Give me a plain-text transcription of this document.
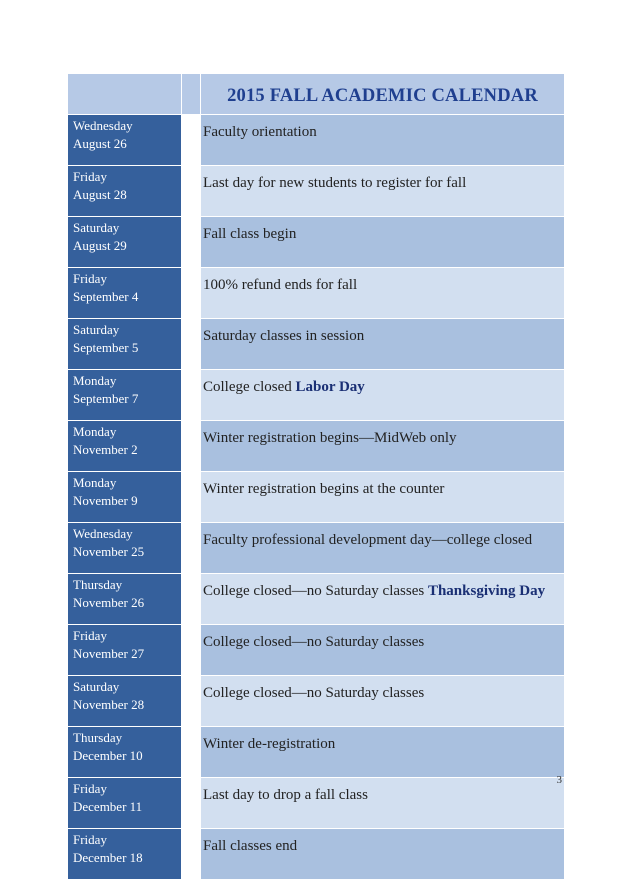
		2015 FALL ACADEMIC CALENDAR

Wednesday
August 26		Faculty orientation

Friday
August 28		Last day for new students to register for fall

Saturday
August 29		Fall class begin

Friday
September 4		100% refund ends for fall

Saturday
September 5		Saturday classes in session

Monday
September 7		College closed Labor Day

Monday
November 2		Winter registration begins—MidWeb only

Monday
November 9		Winter registration begins at the counter

Wednesday
November 25		Faculty professional development day—college closed

Thursday
November 26		College closed—no Saturday classes Thanksgiving Day

Friday
November 27		College closed—no Saturday classes

Saturday
November 28		College closed—no Saturday classes

Thursday
December 10		Winter de-registration

Friday
December 11		Last day to drop a fall class

Friday
December 18		Fall classes end
3
